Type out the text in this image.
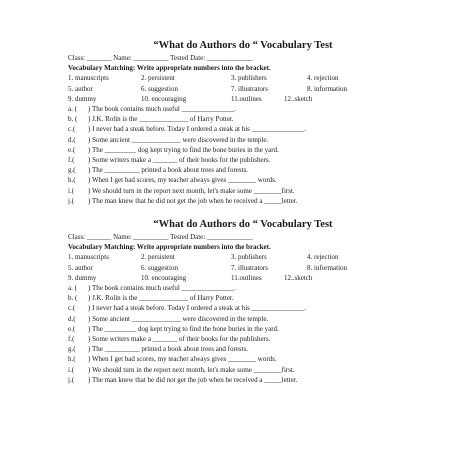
“What do Authors do “ Vocabulary Test
Class: _______ Name: __________ Tested Date: _____________
Vocabulary Matching: Write appropriate numbers into the bracket.
1. manuscripts	2. persistent	3. publishers	4. rejection
5. author	6. suggestion	7. illustrators	8. information
9. dummy	10. encouraging	11.outlines	12..sketch
a. (	) The book contains much useful _______________.
b. (	) J.K. Rolin is the ______________ of Harry Potter.
c.(	) I never had a steak before. Today I ordered a steak at his _______________.
d.(	) Some ancient ______________ were discovered in the temple.
e.(	) The _________ dog kept trying to find the bone buries in the yard.
f.(	) Some writers make a _______ of their books for the publishers.
g.(	) The __________ printed a book about trees and forests.
h.(	) When I get bad scores, my teacher always gives ________ words.
i.(	) We should turn in the report next month, let's make some ________first.
j.(	) The man knew that he did not get the job when he received a _____letter.
“What do Authors do “ Vocabulary Test
Class: _______ Name: __________ Tested Date: _____________
Vocabulary Matching: Write appropriate numbers into the bracket.
1. manuscripts	2. persistent	3. publishers	4. rejection
5. author	6. suggestion	7. illustrators	8. information
9. dummy	10. encouraging	11.outlines	12..sketch
a. (	) The book contains much useful _______________.
b. (	) J.K. Rolin is the ______________ of Harry Potter.
c.(	) I never had a steak before. Today I ordered a steak at his _______________.
d.(	) Some ancient ______________ were discovered in the temple.
e.(	) The _________ dog kept trying to find the bone buries in the yard.
f.(	) Some writers make a _______ of their books for the publishers.
g.(	) The __________ printed a book about trees and forests.
h.(	) When I get bad scores, my teacher always gives ________ words.
i.(	) We should turn in the report next month, let's make some ________first.
j.(	) The man knew that he did not get the job when he received a _____letter.
